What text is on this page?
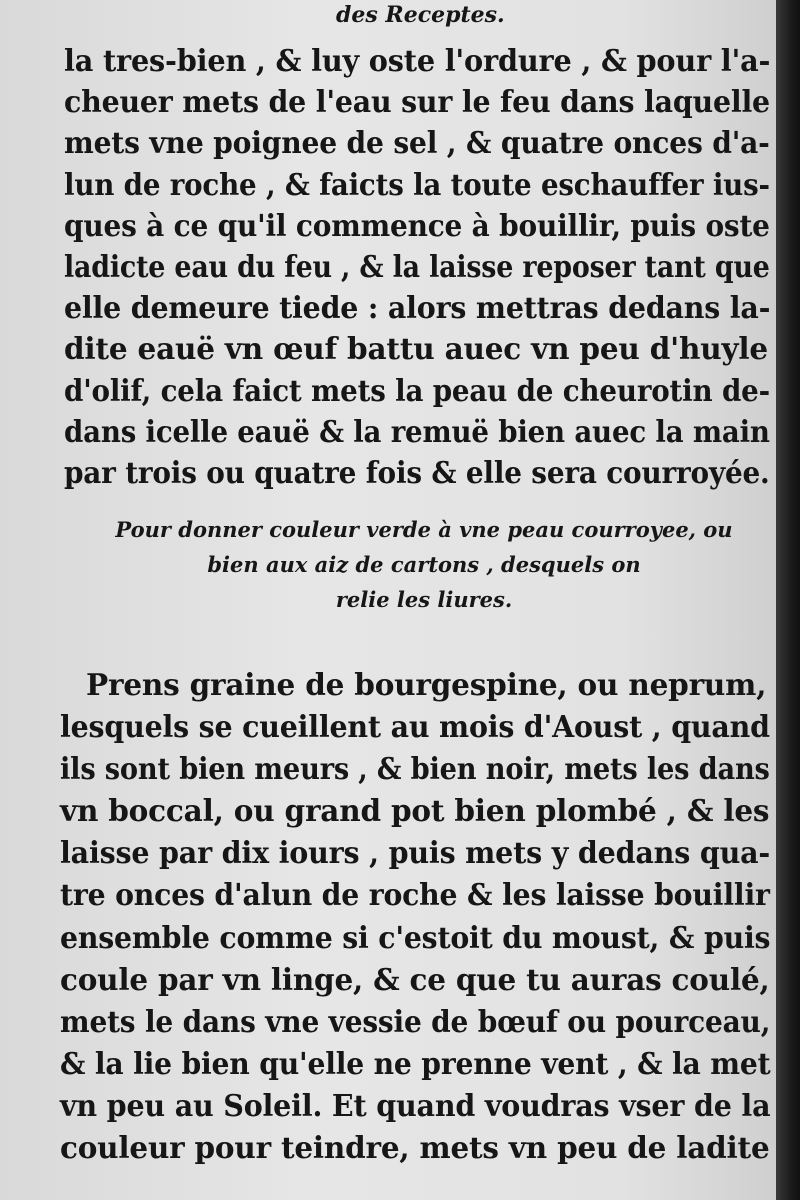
des Receptes.
la tres-bien , & luy oste l'ordure , & pour l'a-
cheuer mets de l'eau sur le feu dans laquelle
mets vne poignee de sel , & quatre onces d'a-
lun de roche , & faicts la toute eschauffer ius-
ques à ce qu'il commence à bouillir, puis oste
ladicte eau du feu , & la laisse reposer tant que
elle demeure tiede : alors mettras dedans la-
dite eauë vn œuf battu auec vn peu d'huyle
d'olif, cela faict mets la peau de cheurotin de-
dans icelle eauë & la remuë bien auec la main
par trois ou quatre fois & elle sera courroyée.
Pour donner couleur verde à vne peau courroyee, ou
bien aux aiz de cartons , desquels on
relie les liures.
Prens graine de bourgespine, ou neprum,
lesquels se cueillent au mois d'Aoust , quand
ils sont bien meurs , & bien noir, mets les dans
vn boccal, ou grand pot bien plombé , & les
laisse par dix iours , puis mets y dedans qua-
tre onces d'alun de roche & les laisse bouillir
ensemble comme si c'estoit du moust, & puis
coule par vn linge, & ce que tu auras coulé,
mets le dans vne vessie de bœuf ou pourceau,
& la lie bien qu'elle ne prenne vent , & la met
vn peu au Soleil. Et quand voudras vser de la
couleur pour teindre, mets vn peu de ladite
